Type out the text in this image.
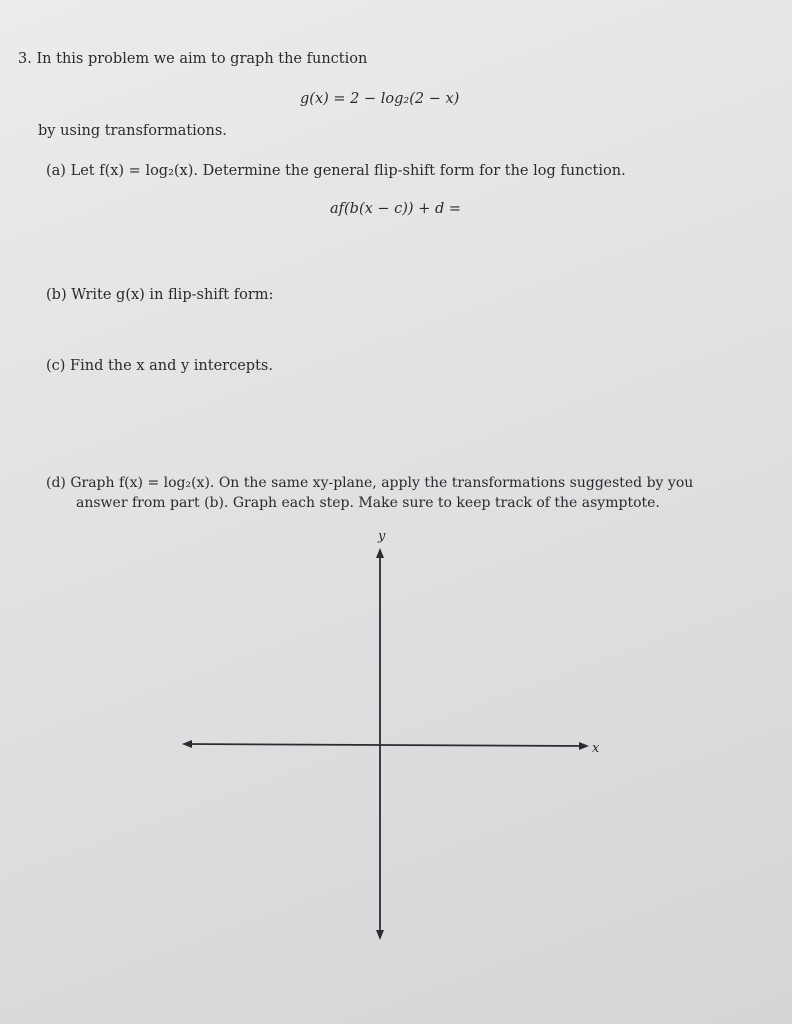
3. In this problem we aim to graph the function
g(x) = 2 − log₂(2 − x)
by using transformations.
(a) Let f(x) = log₂(x). Determine the general flip-shift form for the log function.
af(b(x − c)) + d =
(b) Write g(x) in flip-shift form:
(c) Find the x and y intercepts.
(d) Graph f(x) = log₂(x). On the same xy-plane, apply the transformations suggested by you
answer from part (b). Graph each step. Make sure to keep track of the asymptote.
y
x
